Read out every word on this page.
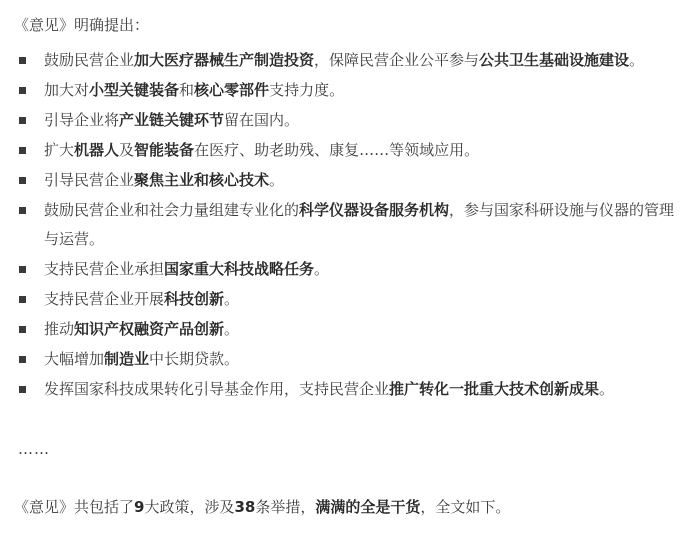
《意见》明确提出：
鼓励民营企业加大医疗器械生产制造投资，保障民营企业公平参与公共卫生基础设施建设。
加大对小型关键装备和核心零部件支持力度。
引导企业将产业链关键环节留在国内。
扩大机器人及智能装备在医疗、助老助残、康复……等领域应用。
引导民营企业聚焦主业和核心技术。
鼓励民营企业和社会力量组建专业化的科学仪器设备服务机构，参与国家科研设施与仪器的管理与运营。
支持民营企业承担国家重大科技战略任务。
支持民营企业开展科技创新。
推动知识产权融资产品创新。
大幅增加制造业中长期贷款。
发挥国家科技成果转化引导基金作用，支持民营企业推广转化一批重大技术创新成果。
……
《意见》共包括了9大政策，涉及38条举措，满满的全是干货，全文如下。
